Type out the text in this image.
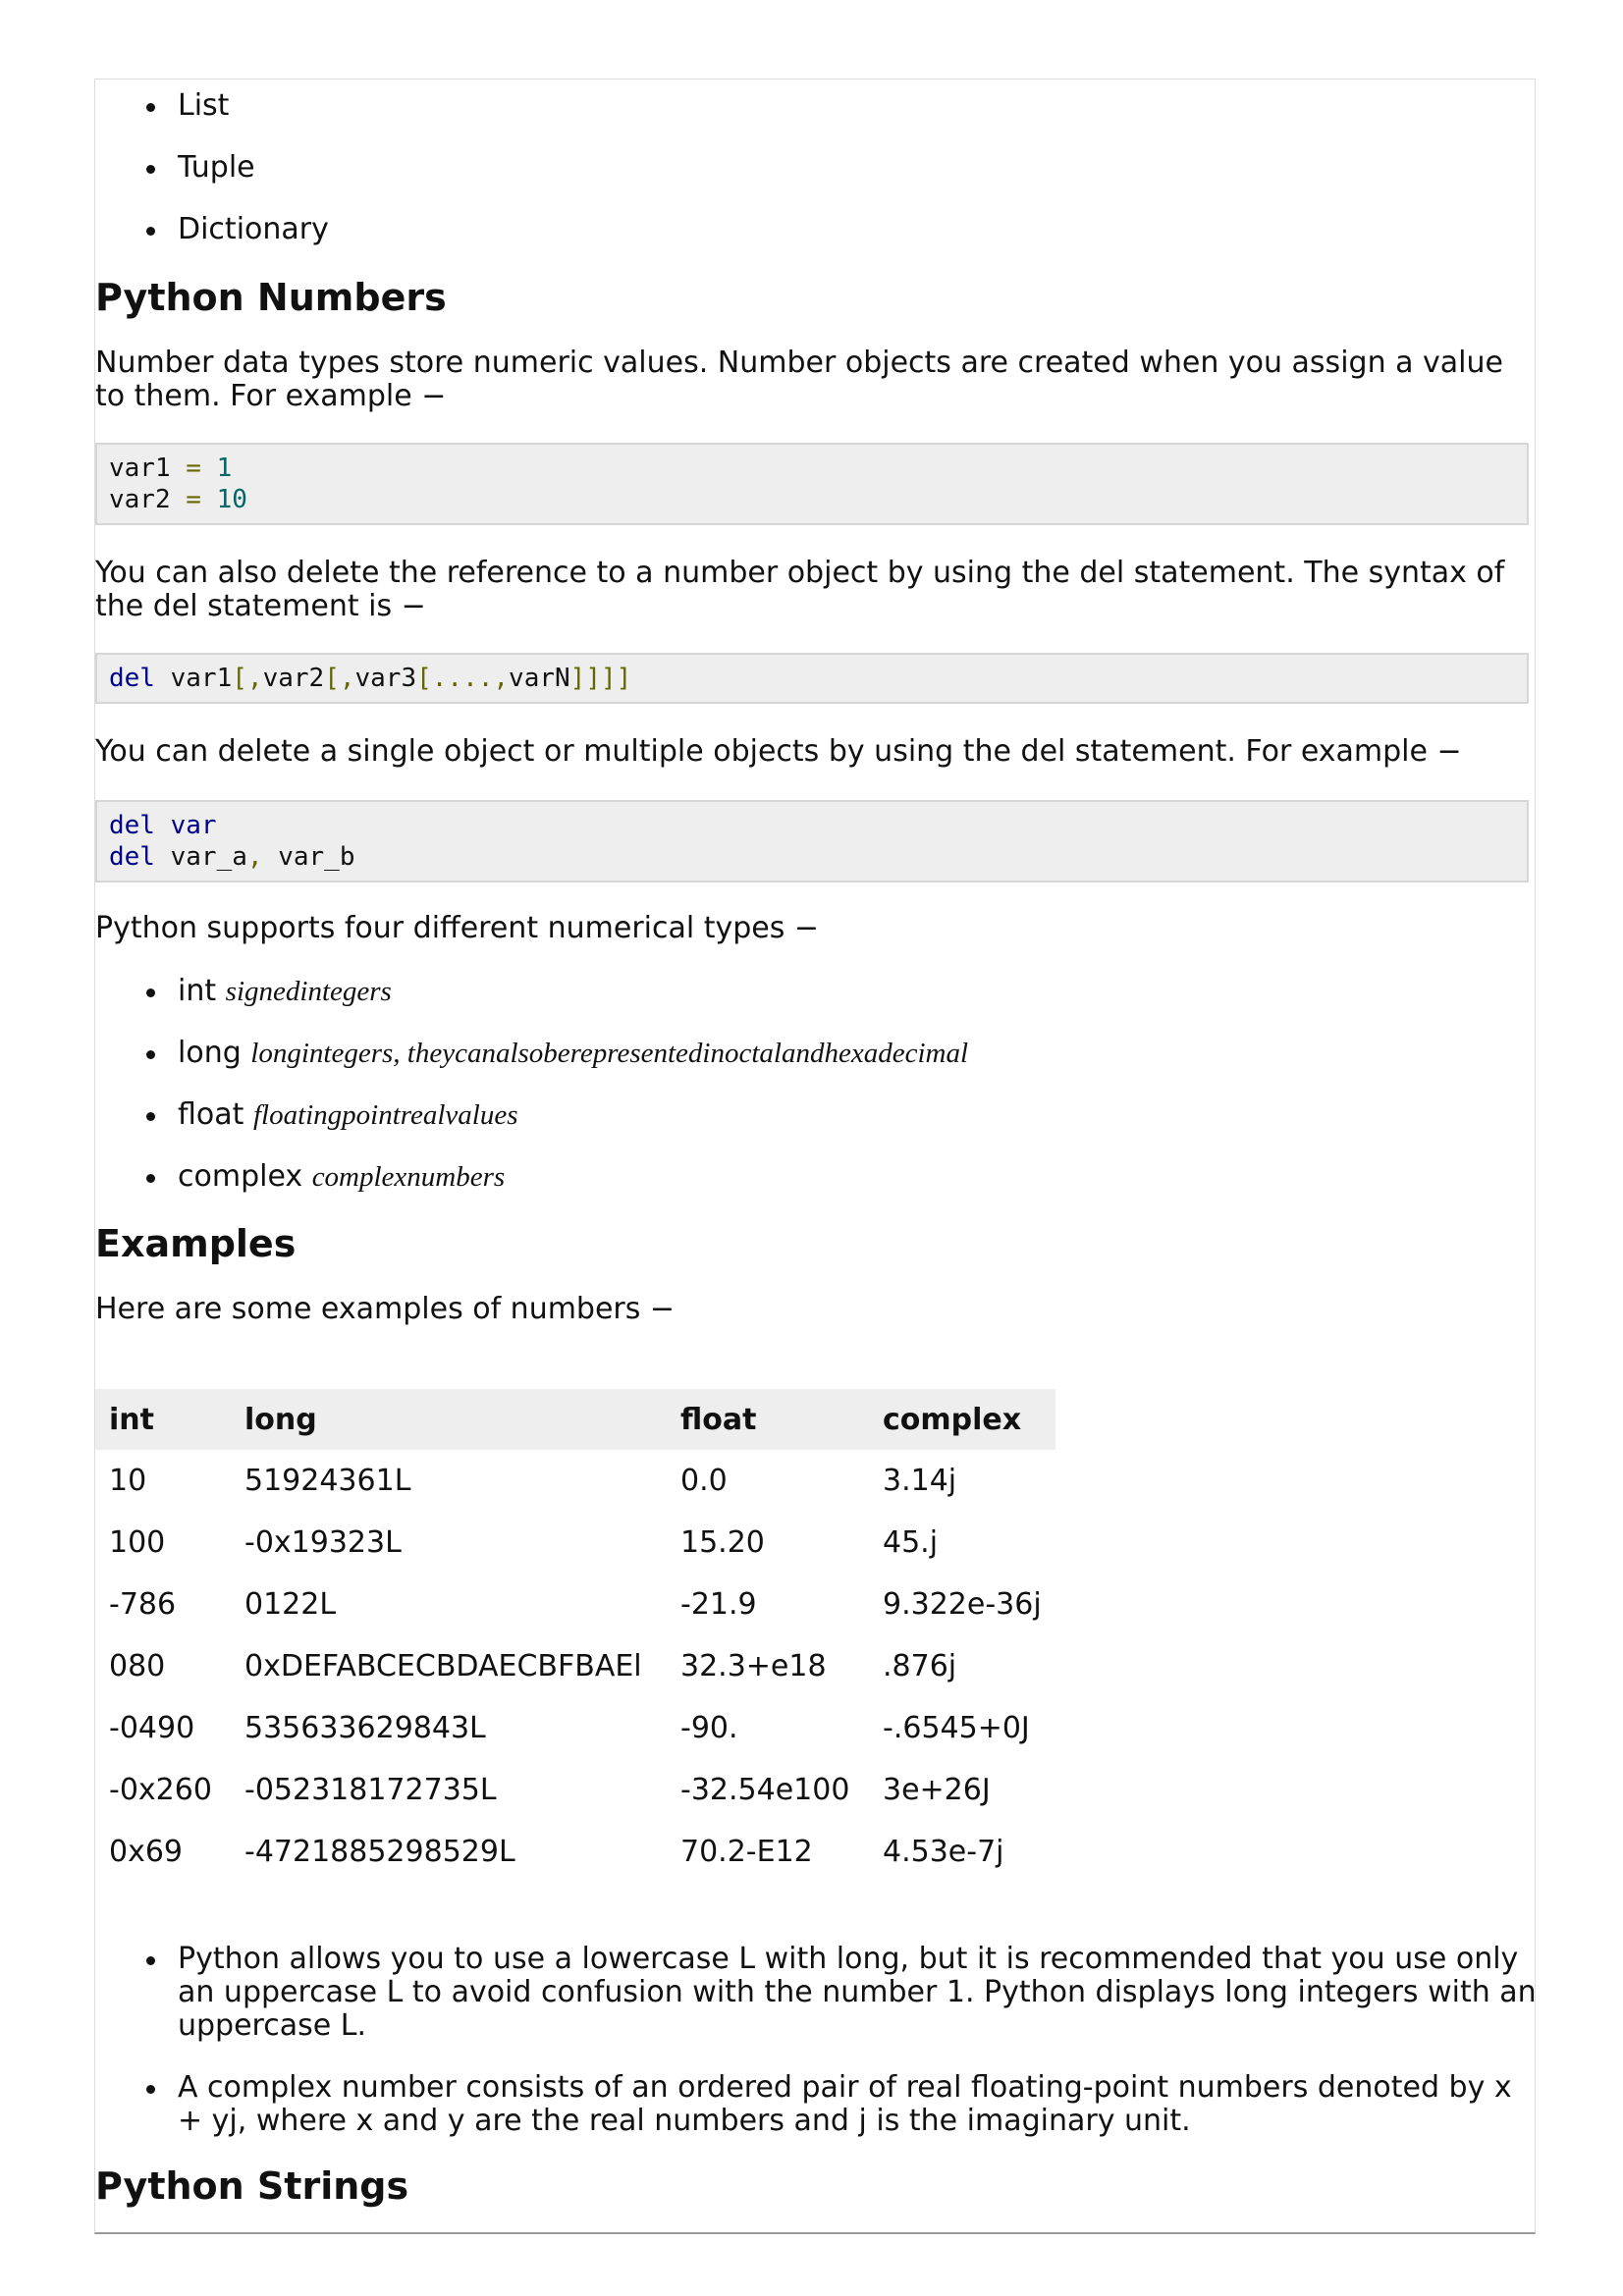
List
Tuple
Dictionary
Python Numbers

Number data types store numeric values. Number objects are created when you assign a value to them. For example −

var1 = 1
var2 = 10

You can also delete the reference to a number object by using the del statement. The syntax of the del statement is −

del var1[,var2[,var3[....,varN]]]]

You can delete a single object or multiple objects by using the del statement. For example −

del var
del var_a, var_b

Python supports four different numerical types −

int signedintegers
long longintegers, theycanalsoberepresentedinoctalandhexadecimal
float floatingpointrealvalues
complex complexnumbers
Examples

Here are some examples of numbers −

int	long	float	complex
10	51924361L	0.0	3.14j
100	-0x19323L	15.20	45.j
-786	0122L	-21.9	9.322e-36j
080	0xDEFABCECBDAECBFBAEl	32.3+e18	.876j
-0490	535633629843L	-90.	-.6545+0J
-0x260	-052318172735L	-32.54e100	3e+26J
0x69	-4721885298529L	70.2-E12	4.53e-7j
Python allows you to use a lowercase L with long, but it is recommended that you use only an uppercase L to avoid confusion with the number 1. Python displays long integers with an uppercase L.
A complex number consists of an ordered pair of real floating-point numbers denoted by x + yj, where x and y are the real numbers and j is the imaginary unit.
Python Strings
